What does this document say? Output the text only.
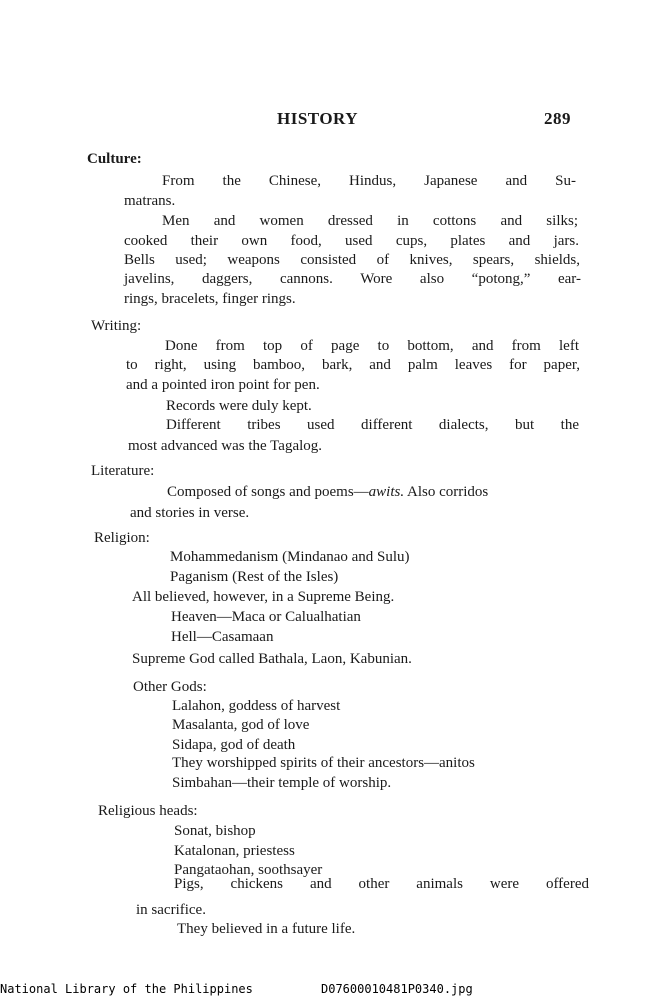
HISTORY	289
Culture:
From the Chinese, Hindus, Japanese and Su-
matrans.
Men and women dressed in cottons and silks;
cooked their own food, used cups, plates and jars.
Bells used; weapons consisted of knives, spears, shields,
javelins, daggers, cannons. Wore also “potong,” ear-
rings, bracelets, finger rings.
Writing:
Done from top of page to bottom, and from left
to right, using bamboo, bark, and palm leaves for paper,
and a pointed iron point for pen.
Records were duly kept.
Different tribes used different dialects, but the
most advanced was the Tagalog.
Literature:
Composed of songs and poems—awits. Also corridos
and stories in verse.
Religion:
Mohammedanism (Mindanao and Sulu)
Paganism (Rest of the Isles)
All believed, however, in a Supreme Being.
Heaven—Maca or Calualhatian
Hell—Casamaan
Supreme God called Bathala, Laon, Kabunian.
Other Gods:
Lalahon, goddess of harvest
Masalanta, god of love
Sidapa, god of death
They worshipped spirits of their ancestors—anitos
Simbahan—their temple of worship.
Religious heads:
Sonat, bishop
Katalonan, priestess
Pangataohan, soothsayer
Pigs, chickens and other animals were offered
in sacrifice.
They believed in a future life.
National Library of the Philippines	D07600010481P0340.jpg
